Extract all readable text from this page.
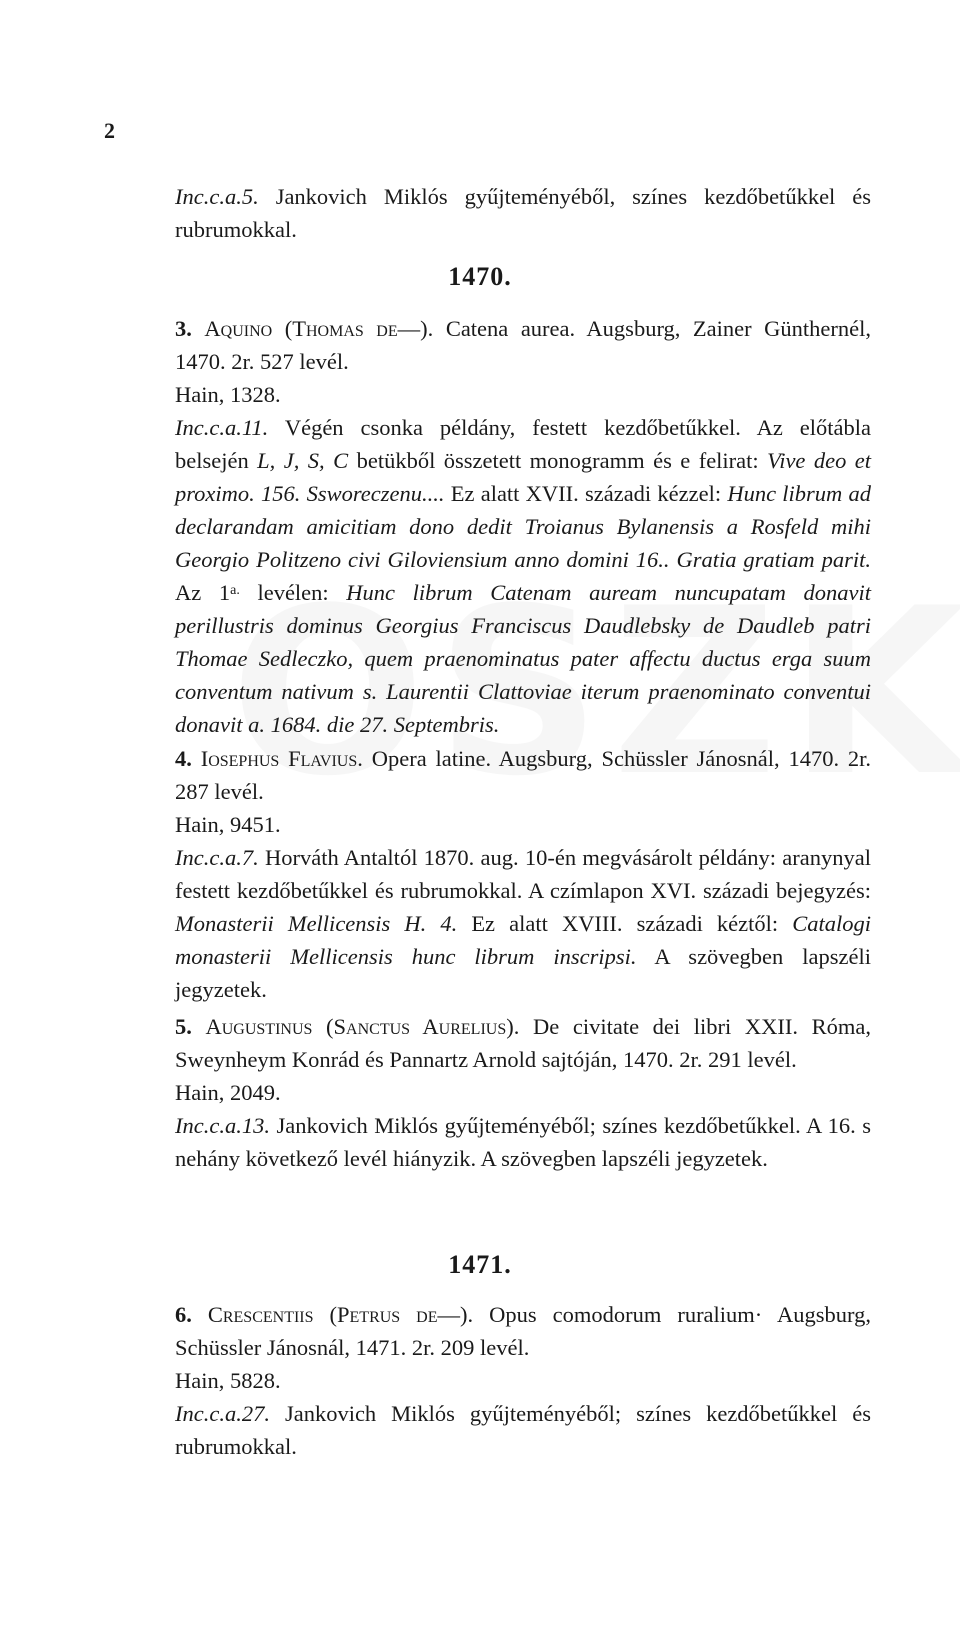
2

Inc.c.a.5. Jankovich Miklós gyűjteményéből, színes kezdőbetűkkel és rubrumokkal.

1470.

3. Aquino (Thomas de—). Catena aurea. Augsburg, Zainer Günthernél, 1470. 2r. 527 levél.

Hain, 1328.

Inc.c.a.11. Végén csonka példány, festett kezdőbetűkkel. Az előtábla belsején L, J, S, C betükből összetett monogramm és e felirat: Vive deo et proximo. 156. Ssworeczenu.... Ez alatt XVII. századi kézzel: Hunc librum ad declarandam amicitiam dono dedit Troianus Bylanensis a Rosfeld mihi Georgio Politzeno civi Giloviensium anno domini 16.. Gratia gratiam parit. Az $1^{a.}$ levélen: Hunc librum Catenam auream nuncupatam donavit perillustris dominus Georgius Franciscus Daudlebsky de Daudleb patri Thomae Sedleczko, quem praenominatus pater affectu ductus erga suum conventum nativum s. Laurentii Clattoviae iterum praenominato conventui donavit a. 1684. die 27. Septembris.

4. Iosephus Flavius. Opera latine. Augsburg, Schüssler Jánosnál, 1470. 2r. 287 levél.

Hain, 9451.

Inc.c.a.7. Horváth Antaltól 1870. aug. 10-én megvásárolt példány: aranynyal festett kezdőbetűkkel és rubrumokkal. A czímlapon XVI. századi bejegyzés: Monasterii Mellicensis H. 4. Ez alatt XVIII. századi kéztől: Catalogi monasterii Mellicensis hunc librum inscripsi. A szövegben lapszéli jegyzetek.

5. Augustinus (Sanctus Aurelius). De civitate dei libri XXII. Róma, Sweynheym Konrád és Pannartz Arnold sajtóján, 1470. 2r. 291 levél.

Hain, 2049.

Inc.c.a.13. Jankovich Miklós gyűjteményéből; színes kezdőbetűkkel. A 16. s nehány következő levél hiányzik. A szövegben lapszéli jegyzetek.

1471.

6. Crescentiis (Petrus de—). Opus comodorum ruralium· Augsburg, Schüssler Jánosnál, 1471. 2r. 209 levél.

Hain, 5828.

Inc.c.a.27. Jankovich Miklós gyűjteményéből; színes kezdőbetűkkel és rubrumokkal.
